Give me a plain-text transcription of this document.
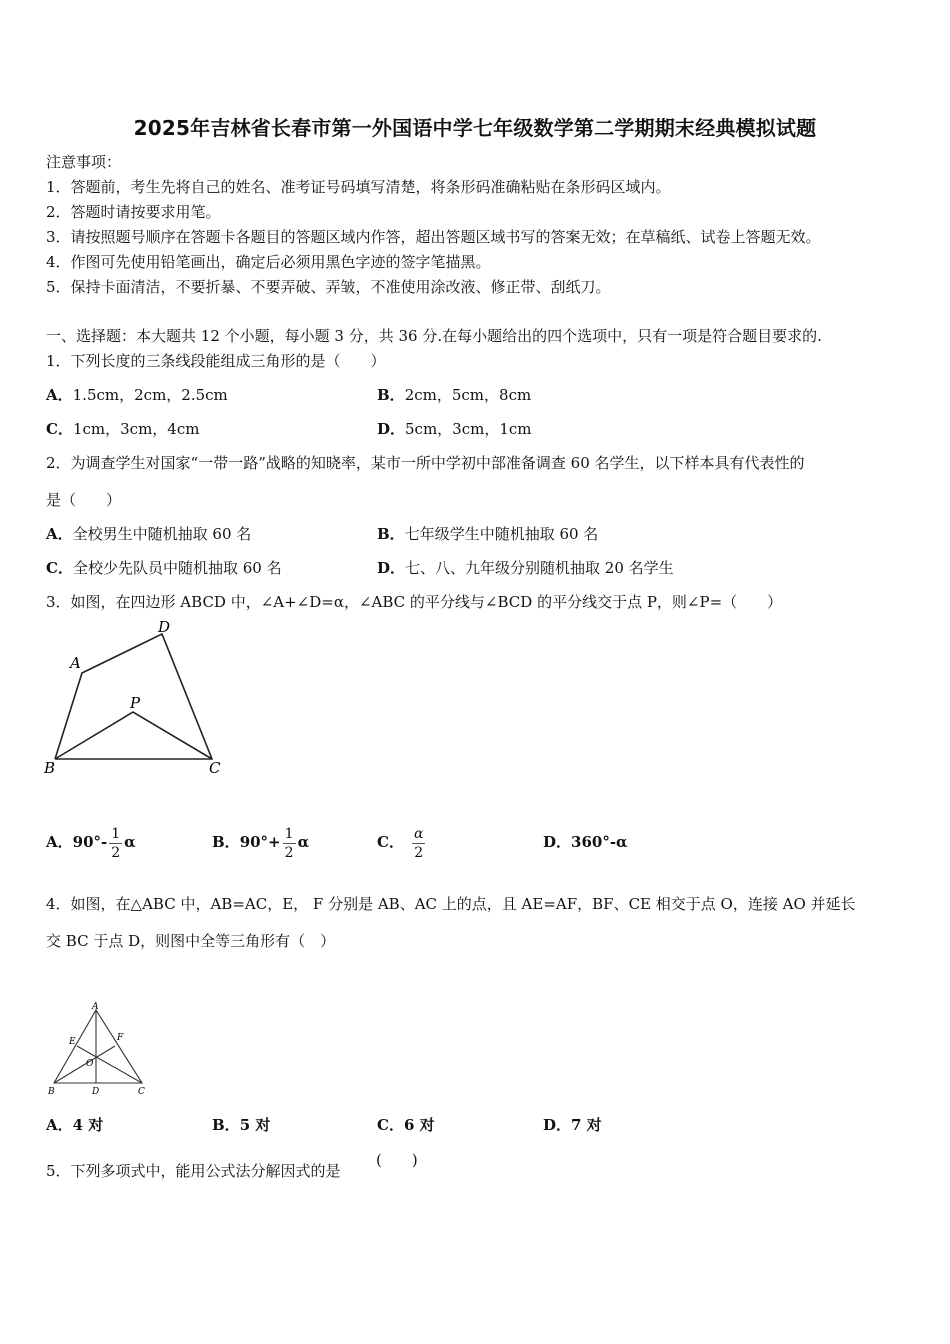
2025年吉林省长春市第一外国语中学七年级数学第二学期期末经典模拟试题
注意事项：
1．答题前，考生先将自己的姓名、准考证号码填写清楚，将条形码准确粘贴在条形码区域内。
2．答题时请按要求用笔。
3．请按照题号顺序在答题卡各题目的答题区域内作答，超出答题区域书写的答案无效；在草稿纸、试卷上答题无效。
4．作图可先使用铅笔画出，确定后必须用黑色字迹的签字笔描黑。
5．保持卡面清洁，不要折暴、不要弄破、弄皱，不准使用涂改液、修正带、刮纸刀。
一、选择题：本大题共 12 个小题，每小题 3 分，共 36 分.在每小题给出的四个选项中，只有一项是符合题目要求的.
1．下列长度的三条线段能组成三角形的是（　　）
A．1.5cm，2cm，2.5cm	B．2cm，5cm，8cm
C．1cm，3cm，4cm	D．5cm，3cm，1cm
2．为调查学生对国家“一带一路”战略的知晓率，某市一所中学初中部准备调查 60 名学生，以下样本具有代表性的
是（　　）
A．全校男生中随机抽取 60 名	B．七年级学生中随机抽取 60 名
C．全校少先队员中随机抽取 60 名	D．七、八、九年级分别随机抽取 20 名学生
3．如图，在四边形 ABCD 中，∠A+∠D=α，∠ABC 的平分线与∠BCD 的平分线交于点 P，则∠P=（　　）
A
D
P
B	C
A．$90^\circ- \frac{1}{2}$ α	B．$90^\circ+ \frac{1}{2}$ α	C． $\frac{\alpha}{2}$	D．360°-α
4．如图，在△ABC 中，AB=AC，E， F 分别是 AB、AC 上的点，且 AE=AF，BF、CE 相交于点 O，连接 AO 并延长
交 BC 于点 D，则图中全等三角形有（　）
A
E	F
O
B	D	C
A．4 对	B．5 对	C．6 对	D．7 对
5．下列多项式中，能用公式法分解因式的是
(　　)
